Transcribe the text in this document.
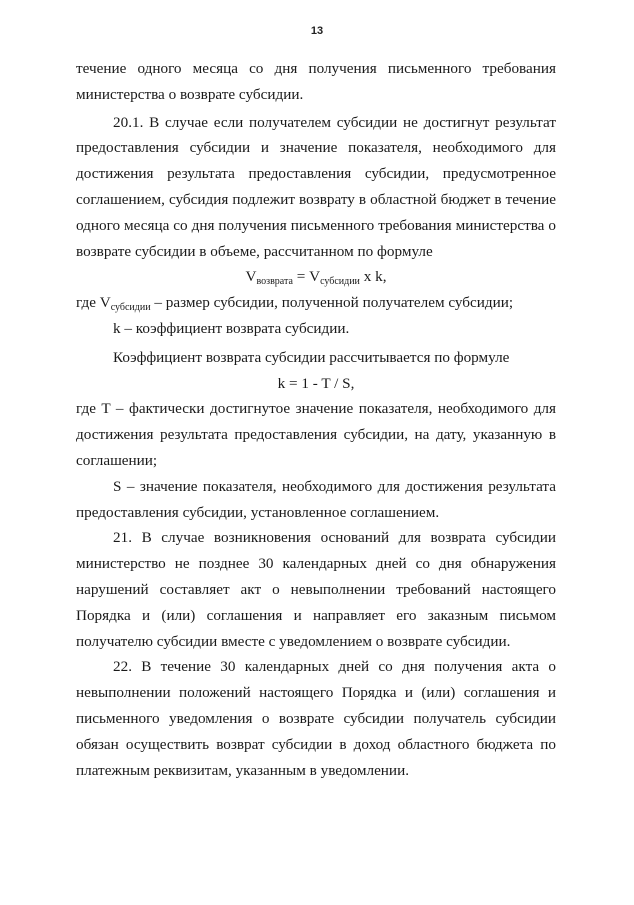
13

течение одного месяца со дня получения письменного требования министерства о возврате субсидии.

20.1. В случае если получателем субсидии не достигнут результат предоставления субсидии и значение показателя, необходимого для достижения результата предоставления субсидии, предусмотренное соглашением, субсидия подлежит возврату в областной бюджет в течение одного месяца со дня получения письменного требования министерства о возврате субсидии в объеме, рассчитанном по формуле

$V_{возврата} = V_{субсидии}$ x k,

где $V_{субсидии}$ – размер субсидии, полученной получателем субсидии;

k – коэффициент возврата субсидии.

Коэффициент возврата субсидии рассчитывается по формуле

k = 1 - T / S,

где T – фактически достигнутое значение показателя, необходимого для достижения результата предоставления субсидии, на дату, указанную в соглашении;

S – значение показателя, необходимого для достижения результата предоставления субсидии, установленное соглашением.

21. В случае возникновения оснований для возврата субсидии министерство не позднее 30 календарных дней со дня обнаружения нарушений составляет акт о невыполнении требований настоящего Порядка и (или) соглашения и направляет его заказным письмом получателю субсидии вместе с уведомлением о возврате субсидии.

22. В течение 30 календарных дней со дня получения акта о невыполнении положений настоящего Порядка и (или) соглашения и письменного уведомления о возврате субсидии получатель субсидии обязан осуществить возврат субсидии в доход областного бюджета по платежным реквизитам, указанным в уведомлении.
